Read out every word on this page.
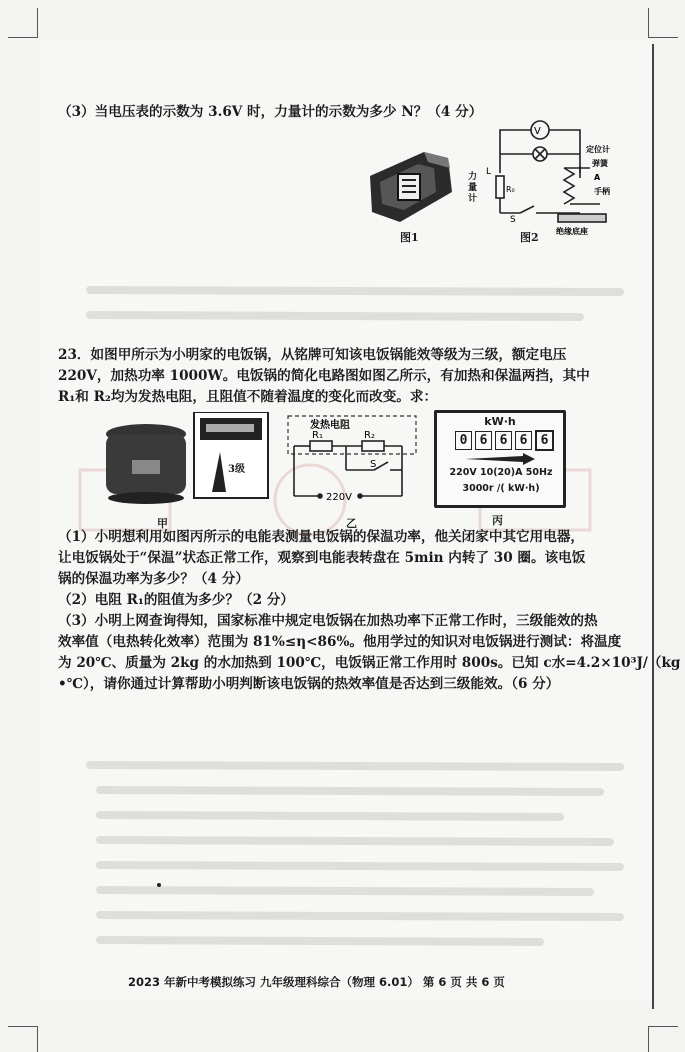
（3）当电压表的示数为 3.6V 时，力量计的示数为多少 N？（4 分）
图1
V
L
R₀
S
定位计
弹簧
A
手柄
绝缘底座
力量计
图2
23．如图甲所示为小明家的电饭锅，从铭牌可知该电饭锅能效等级为三级，额定电压
220V，加热功率 1000W。电饭锅的简化电路图如图乙所示，有加热和保温两挡，其中
R₁和 R₂均为发热电阻，且阻值不随着温度的变化而改变。求：
3级
甲
发热电阻
R₁	R₂
S
220V
乙
kW·h
0 6 6 6 6
220V 10(20)A 50Hz
3000r /( kW·h)
丙
（1）小明想利用如图丙所示的电能表测量电饭锅的保温功率，他关闭家中其它用电器，
让电饭锅处于“保温”状态正常工作，观察到电能表转盘在 5min 内转了 30 圈。该电饭
锅的保温功率为多少？（4 分）
（2）电阻 R₁的阻值为多少？（2 分）
（3）小明上网查询得知，国家标准中规定电饭锅在加热功率下正常工作时，三级能效的热
效率值（电热转化效率）范围为 81%≤η<86%。他用学过的知识对电饭锅进行测试：将温度
为 20℃、质量为 2kg 的水加热到 100℃，电饭锅正常工作用时 800s。已知 c水=4.2×10³J/（kg
•℃），请你通过计算帮助小明判断该电饭锅的热效率值是否达到三级能效。（6 分）
2023 年新中考模拟练习 九年级理科综合（物理 6.01） 第 6 页 共 6 页
